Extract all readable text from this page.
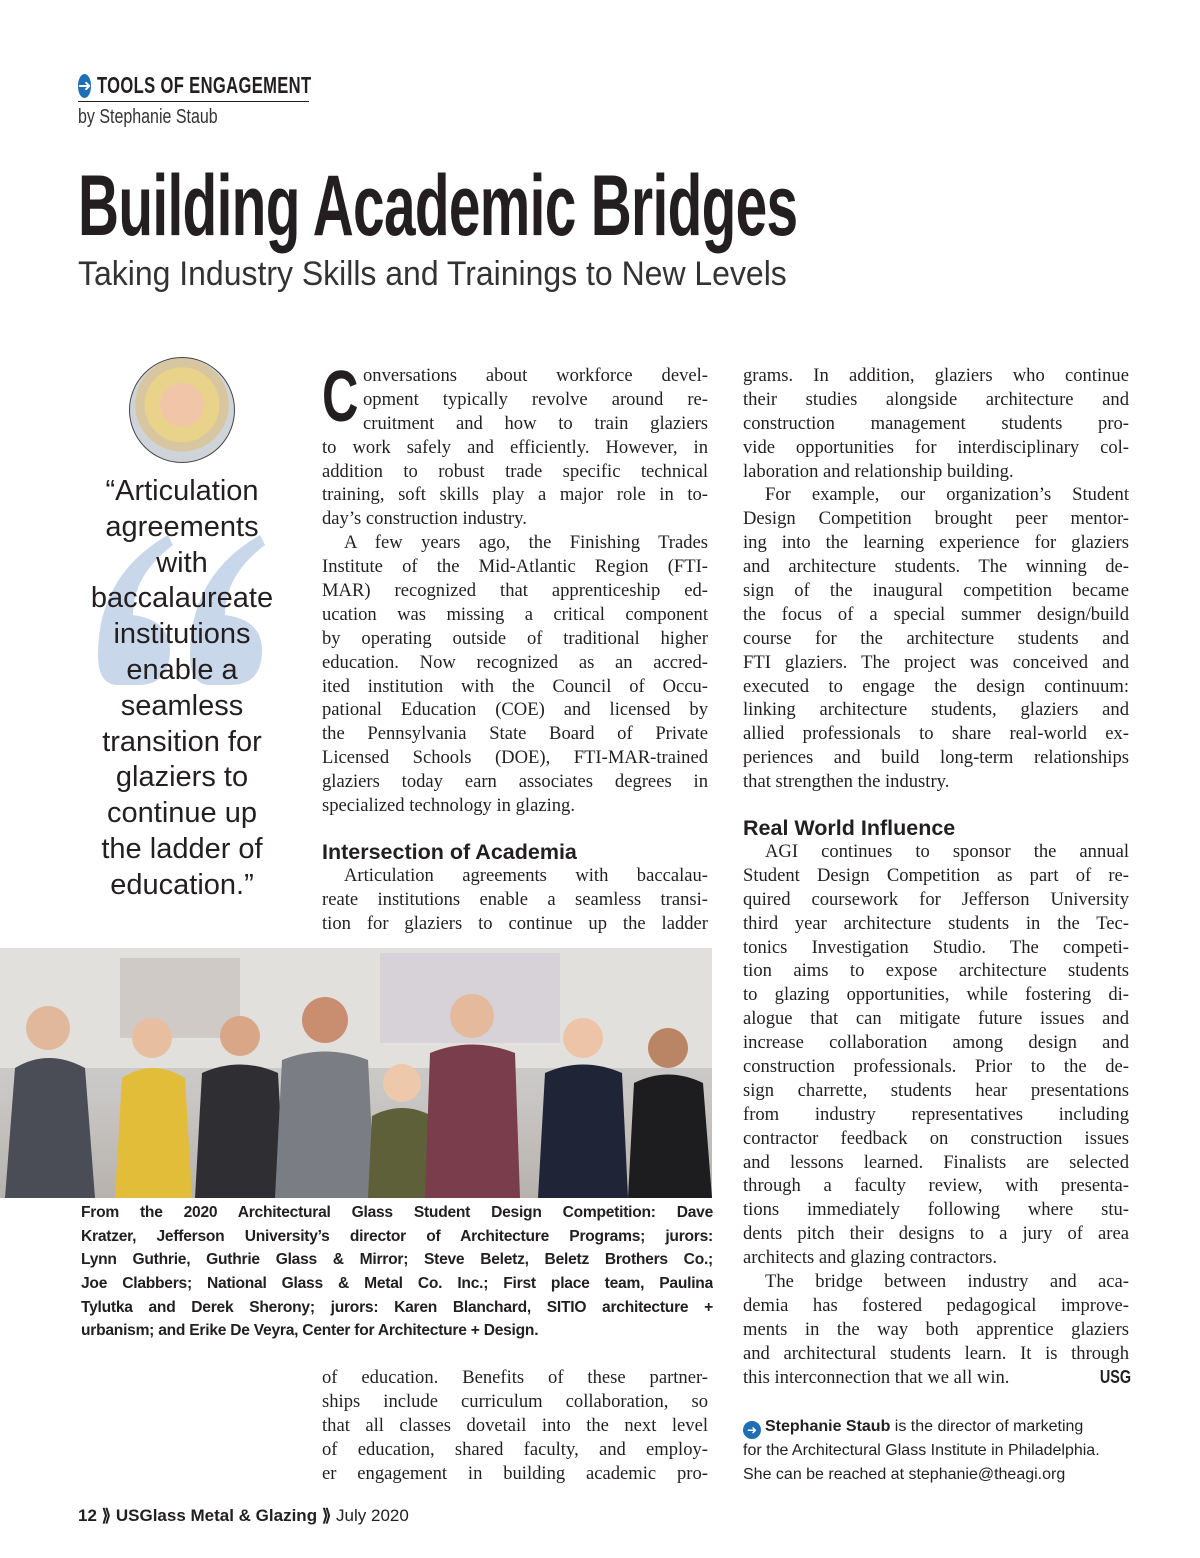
➜ TOOLS OF ENGAGEMENT
by Stephanie Staub
Building Academic Bridges
Taking Industry Skills and Trainings to New Levels
“Articulation
agreements
with
baccalaureate
institutions
enable a
seamless
transition for
glaziers to
continue up
the ladder of
education.”
C onversations about workforce devel-
opment typically revolve around re-
cruitment and how to train glaziers
to work safely and efficiently. However, in
addition to robust trade specific technical
training, soft skills play a major role in to-
day’s construction industry.
A few years ago, the Finishing Trades
Institute of the Mid-Atlantic Region (FTI-
MAR) recognized that apprenticeship ed-
ucation was missing a critical component
by operating outside of traditional higher
education. Now recognized as an accred-
ited institution with the Council of Occu-
pational Education (COE) and licensed by
the Pennsylvania State Board of Private
Licensed Schools (DOE), FTI-MAR-trained
glaziers today earn associates degrees in
specialized technology in glazing.
Intersection of Academia
Articulation agreements with baccalau-
reate institutions enable a seamless transi-
tion for glaziers to continue up the ladder
of education. Benefits of these partner-
ships include curriculum collaboration, so
that all classes dovetail into the next level
of education, shared faculty, and employ-
er engagement in building academic pro-
grams. In addition, glaziers who continue
their studies alongside architecture and
construction management students pro-
vide opportunities for interdisciplinary col-
laboration and relationship building.
For example, our organization’s Student
Design Competition brought peer mentor-
ing into the learning experience for glaziers
and architecture students. The winning de-
sign of the inaugural competition became
the focus of a special summer design/build
course for the architecture students and
FTI glaziers. The project was conceived and
executed to engage the design continuum:
linking architecture students, glaziers and
allied professionals to share real-world ex-
periences and build long-term relationships
that strengthen the industry.
Real World Influence
AGI continues to sponsor the annual
Student Design Competition as part of re-
quired coursework for Jefferson University
third year architecture students in the Tec-
tonics Investigation Studio. The competi-
tion aims to expose architecture students
to glazing opportunities, while fostering di-
alogue that can mitigate future issues and
increase collaboration among design and
construction professionals. Prior to the de-
sign charrette, students hear presentations
from industry representatives including
contractor feedback on construction issues
and lessons learned. Finalists are selected
through a faculty review, with presenta-
tions immediately following where stu-
dents pitch their designs to a jury of area
architects and glazing contractors.
The bridge between industry and aca-
demia has fostered pedagogical improve-
ments in the way both apprentice glaziers
and architectural students learn. It is through
this interconnection that we all win.	USG
From the 2020 Architectural Glass Student Design Competition: Dave
Kratzer, Jefferson University’s director of Architecture Programs; jurors:
Lynn Guthrie, Guthrie Glass & Mirror; Steve Beletz, Beletz Brothers Co.;
Joe Clabbers; National Glass & Metal Co. Inc.; First place team, Paulina
Tylutka and Derek Sherony; jurors: Karen Blanchard, SITIO architecture +
urbanism; and Erike De Veyra, Center for Architecture + Design.
➜ Stephanie Staub is the director of marketing
for the Architectural Glass Institute in Philadelphia.
She can be reached at stephanie@theagi.org
12 ⟫ USGlass Metal & Glazing ⟫ July 2020
